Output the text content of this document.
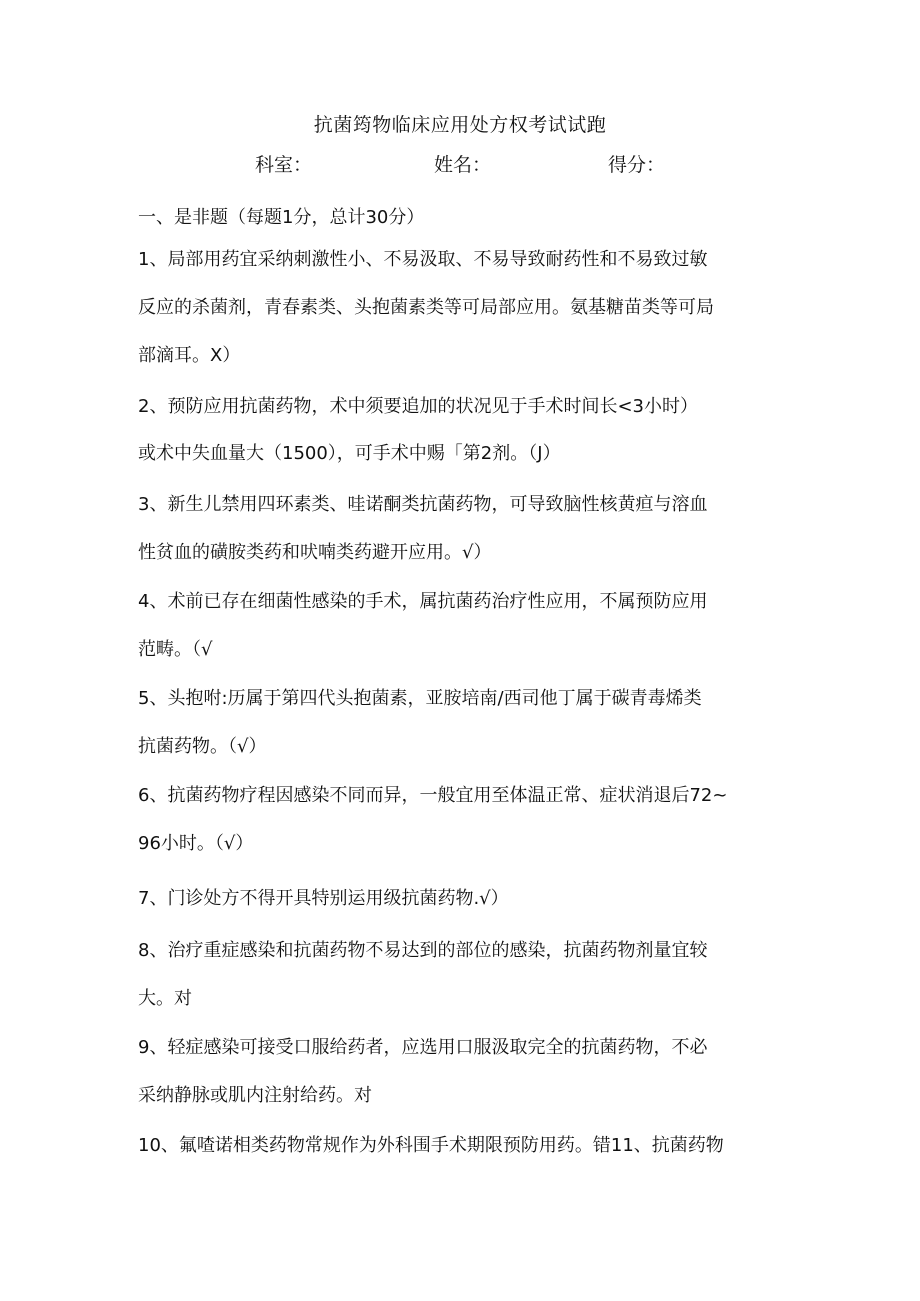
抗菌筠物临床应用处方权考试试跑
科室：	姓名：	得分：
一、是非题（每题1分，总计30分）
1、局部用药宜采纳刺激性小、不易汲取、不易导致耐药性和不易致过敏
反应的杀菌剂，青春素类、头抱菌素类等可局部应用。氨基糖苗类等可局
部滴耳。X）
2、预防应用抗菌药物，术中须要追加的状况见于手术时间长<3小时）
或术中失血量大（1500），可手术中赐「第2剂。（J）
3、新生儿禁用四环素类、哇诺酮类抗菌药物，可导致脑性核黄疸与溶血
性贫血的磺胺类药和吠喃类药避开应用。√）
4、术前已存在细菌性感染的手术，属抗菌药治疗性应用，不属预防应用
范畴。（√
5、头抱咐:历属于第四代头抱菌素，亚胺培南/西司他丁属于碳青毒烯类
抗菌药物。（√）
6、抗菌药物疗程因感染不同而异，一般宜用至体温正常、症状消退后72~
96小时。（√）
7、门诊处方不得开具特别运用级抗菌药物.√）
8、治疗重症感染和抗菌药物不易达到的部位的感染，抗菌药物剂量宜较
大。对
9、轻症感染可接受口服给药者，应选用口服汲取完全的抗菌药物，不必
采纳静脉或肌内注射给药。对
10、氟喳诺相类药物常规作为外科围手术期限预防用药。错11、抗菌药物
